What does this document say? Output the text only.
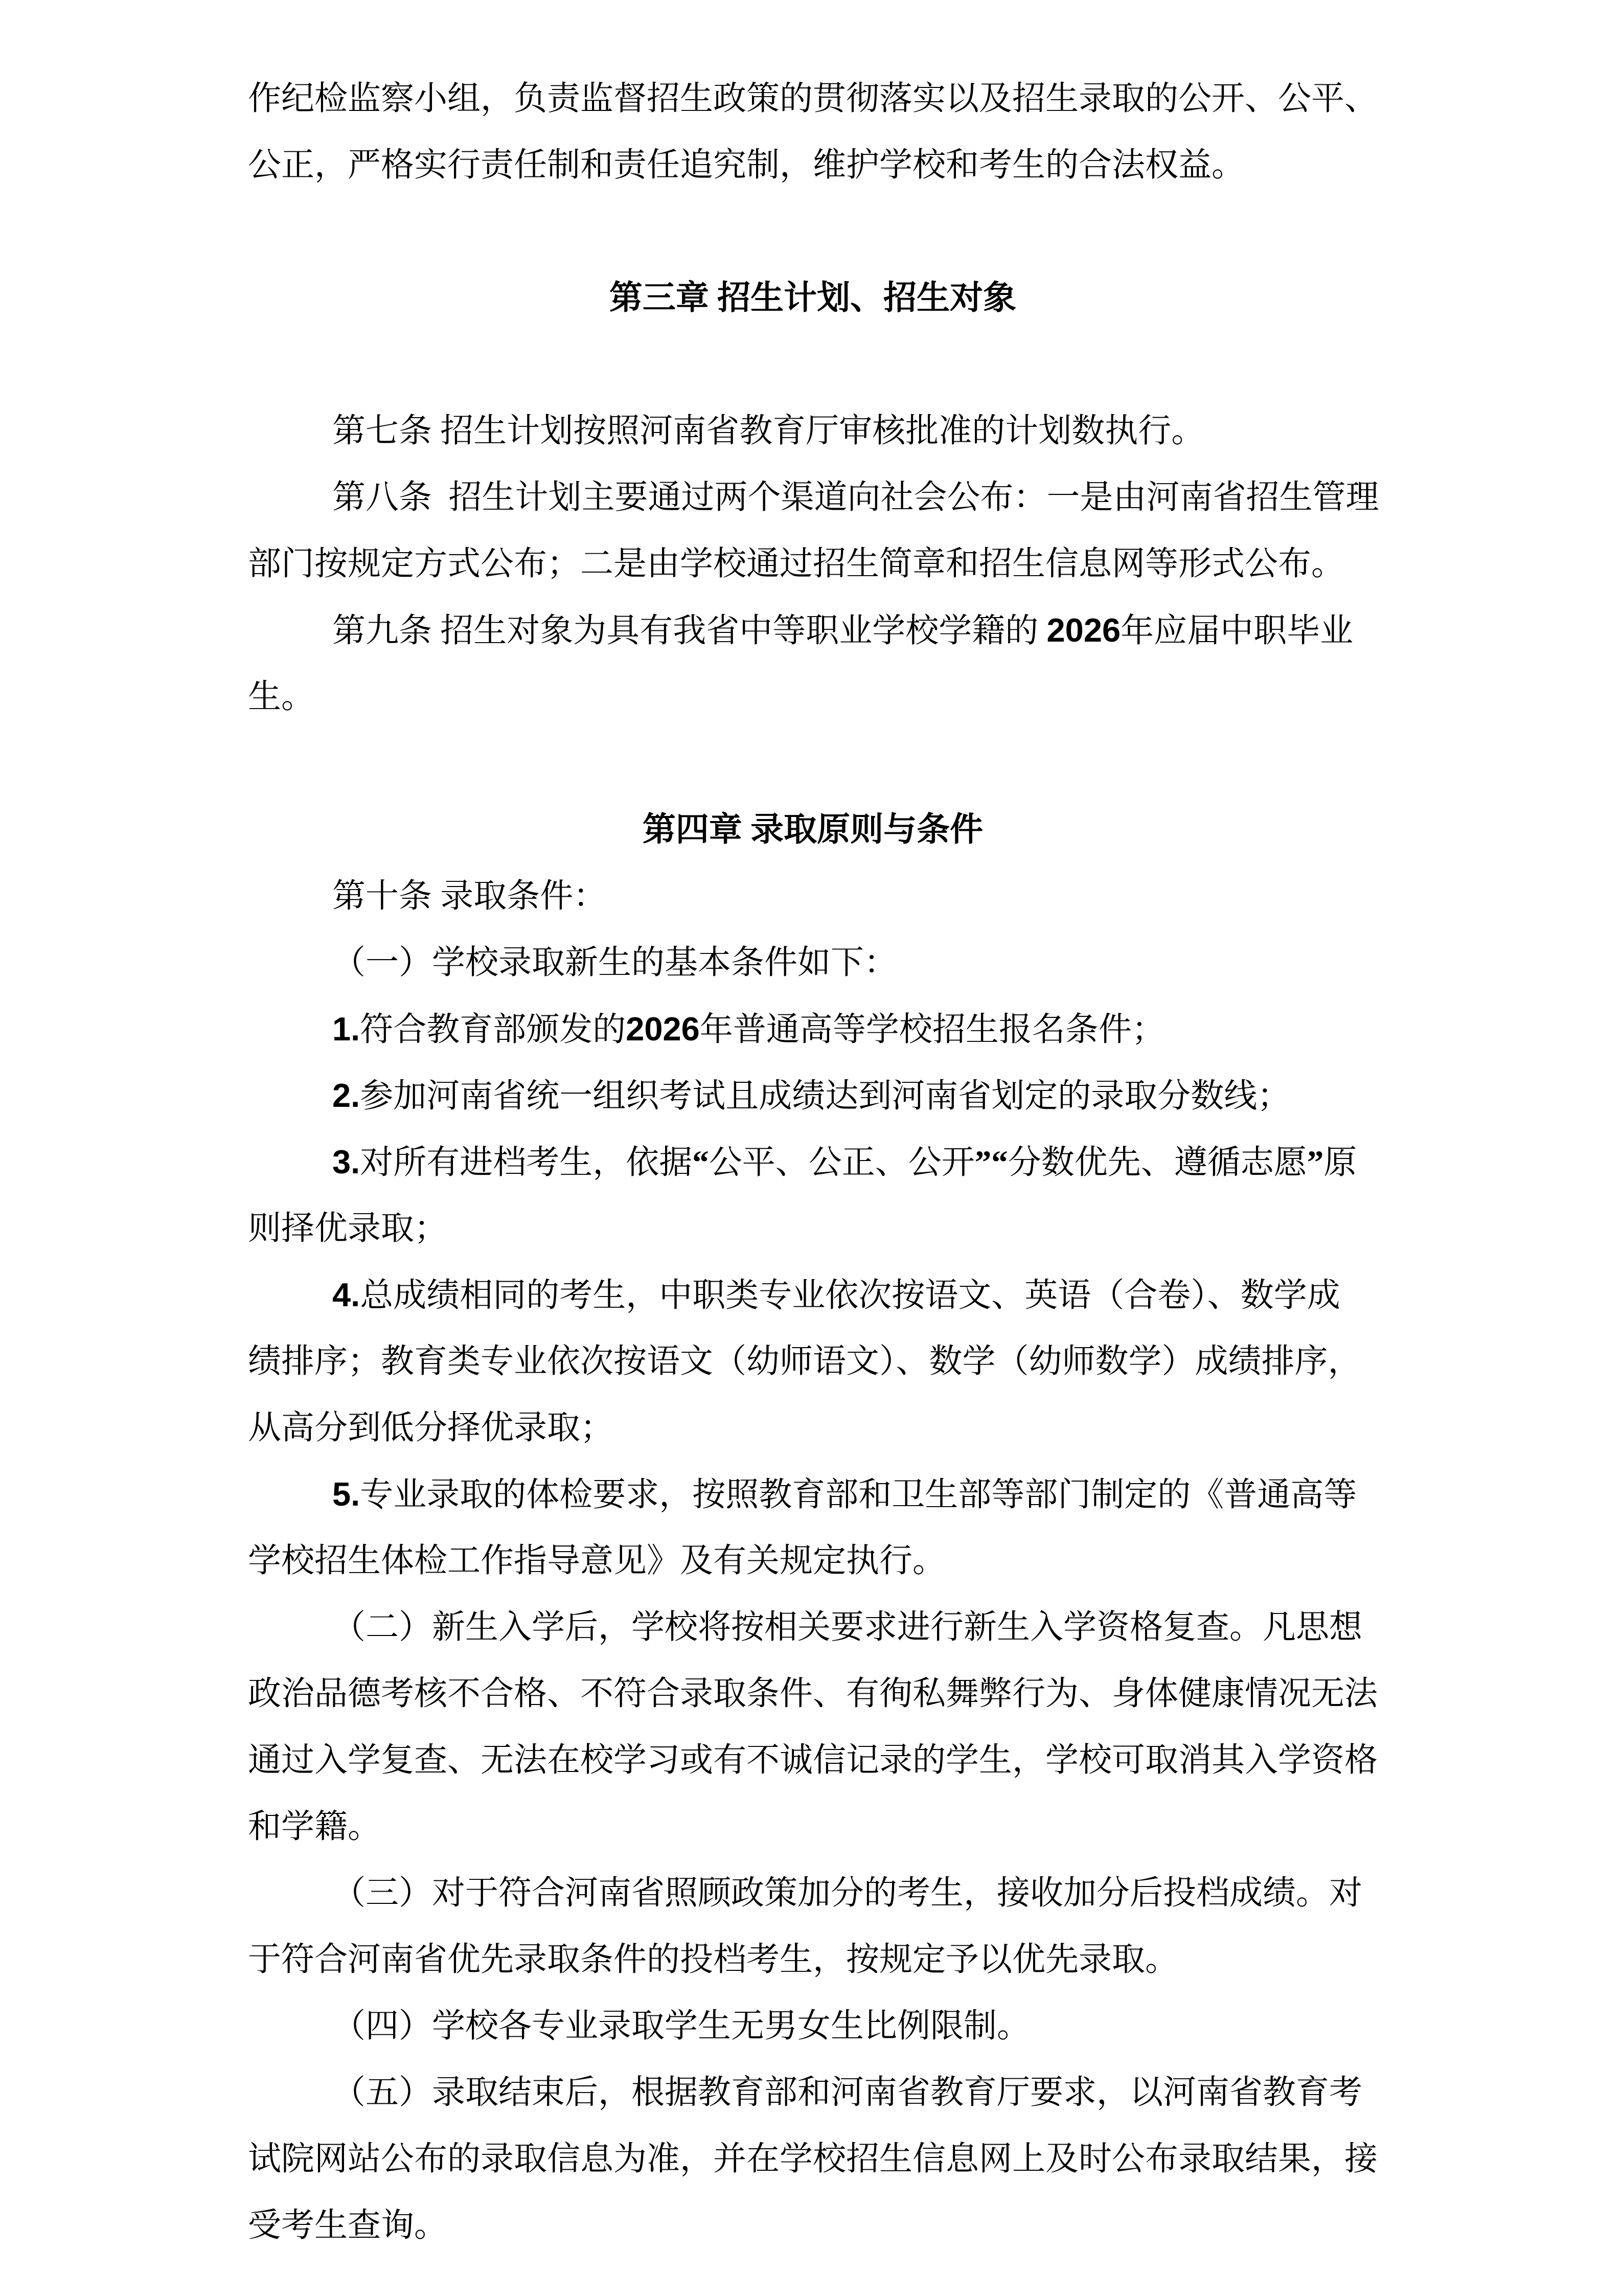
作纪检监察小组，负责监督招生政策的贯彻落实以及招生录取的公开、公平、
公正，严格实行责任制和责任追究制，维护学校和考生的合法权益。
第三章 招生计划、招生对象
第七条 招生计划按照河南省教育厅审核批准的计划数执行。
第八条  招生计划主要通过两个渠道向社会公布：一是由河南省招生管理
部门按规定方式公布；二是由学校通过招生简章和招生信息网等形式公布。
第九条 招生对象为具有我省中等职业学校学籍的 2026年应届中职毕业
生。
第四章 录取原则与条件
第十条 录取条件：
（一）学校录取新生的基本条件如下：
1.符合教育部颁发的2026年普通高等学校招生报名条件；
2.参加河南省统一组织考试且成绩达到河南省划定的录取分数线；
3.对所有进档考生，依据“公平、公正、公开”“分数优先、遵循志愿”原
则择优录取；
4.总成绩相同的考生，中职类专业依次按语文、英语（合卷）、数学成
绩排序；教育类专业依次按语文（幼师语文）、数学（幼师数学）成绩排序，
从高分到低分择优录取；
5.专业录取的体检要求，按照教育部和卫生部等部门制定的《普通高等
学校招生体检工作指导意见》及有关规定执行。
（二）新生入学后，学校将按相关要求进行新生入学资格复查。凡思想
政治品德考核不合格、不符合录取条件、有徇私舞弊行为、身体健康情况无法
通过入学复查、无法在校学习或有不诚信记录的学生，学校可取消其入学资格
和学籍。
（三）对于符合河南省照顾政策加分的考生，接收加分后投档成绩。对
于符合河南省优先录取条件的投档考生，按规定予以优先录取。
（四）学校各专业录取学生无男女生比例限制。
（五）录取结束后，根据教育部和河南省教育厅要求，以河南省教育考
试院网站公布的录取信息为准，并在学校招生信息网上及时公布录取结果，接
受考生查询。
